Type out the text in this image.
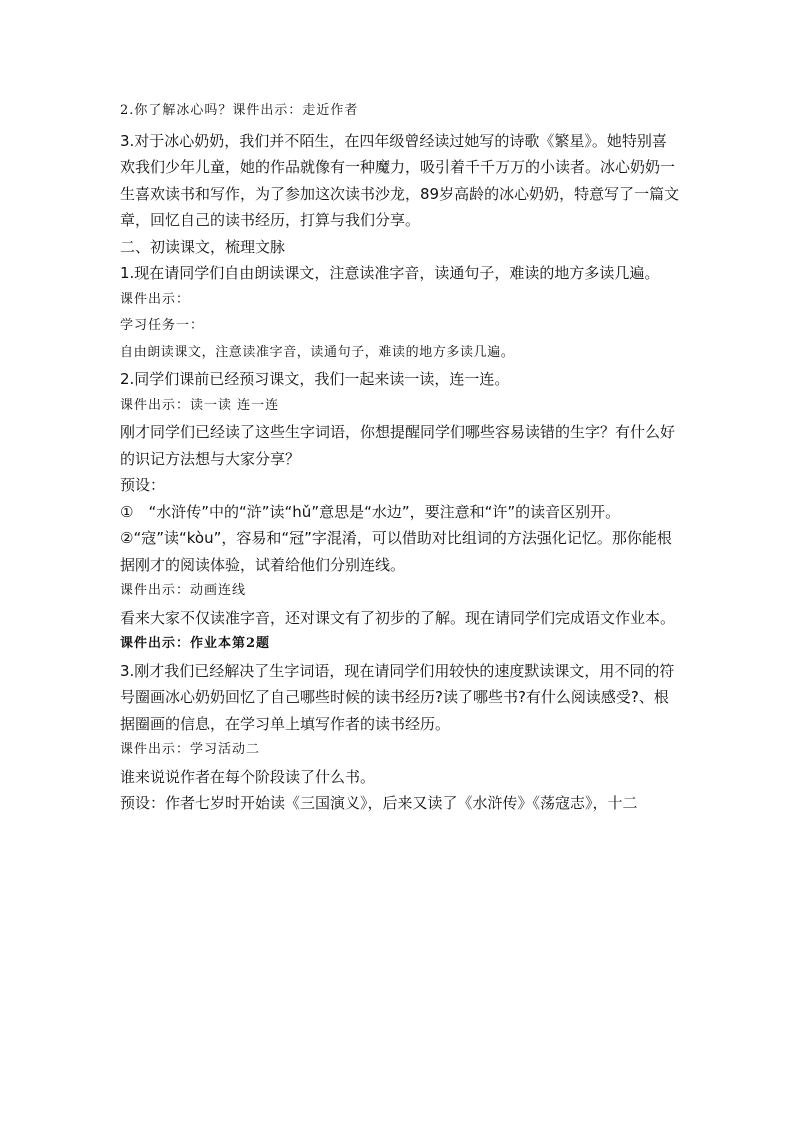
2.你了解冰心吗？课件出示：走近作者

3.对于冰心奶奶，我们并不陌生，在四年级曾经读过她写的诗歌《繁星》。她特别喜欢我们少年儿童，她的作品就像有一种魔力，吸引着千千万万的小读者。冰心奶奶一生喜欢读书和写作，为了参加这次读书沙龙，89岁高龄的冰心奶奶，特意写了一篇文章，回忆自己的读书经历，打算与我们分享。

二、初读课文，梳理文脉

1.现在请同学们自由朗读课文，注意读准字音，读通句子，难读的地方多读几遍。

课件出示：

学习任务一：

自由朗读课文，注意读准字音，读通句子，难读的地方多读几遍。

2.同学们课前已经预习课文，我们一起来读一读，连一连。

课件出示：读一读 连一连

刚才同学们已经读了这些生字词语，你想提醒同学们哪些容易读错的生字？有什么好的识记方法想与大家分享？

预设：

①　“水浒传”中的“浒”读“hǔ”意思是“水边”，要注意和“许”的读音区别开。

②“寇”读“kòu”，容易和“冠”字混淆，可以借助对比组词的方法强化记忆。那你能根据刚才的阅读体验，试着给他们分别连线。

课件出示：动画连线

看来大家不仅读准字音，还对课文有了初步的了解。现在请同学们完成语文作业本。

课件出示：作业本第2题

3.刚才我们已经解决了生字词语，现在请同学们用较快的速度默读课文，用不同的符号圈画冰心奶奶回忆了自己哪些时候的读书经历?读了哪些书?有什么阅读感受?、根据圈画的信息，在学习单上填写作者的读书经历。

课件出示：学习活动二

谁来说说作者在每个阶段读了什么书。

预设：作者七岁时开始读《三国演义》，后来又读了《水浒传》《荡寇志》，十二
